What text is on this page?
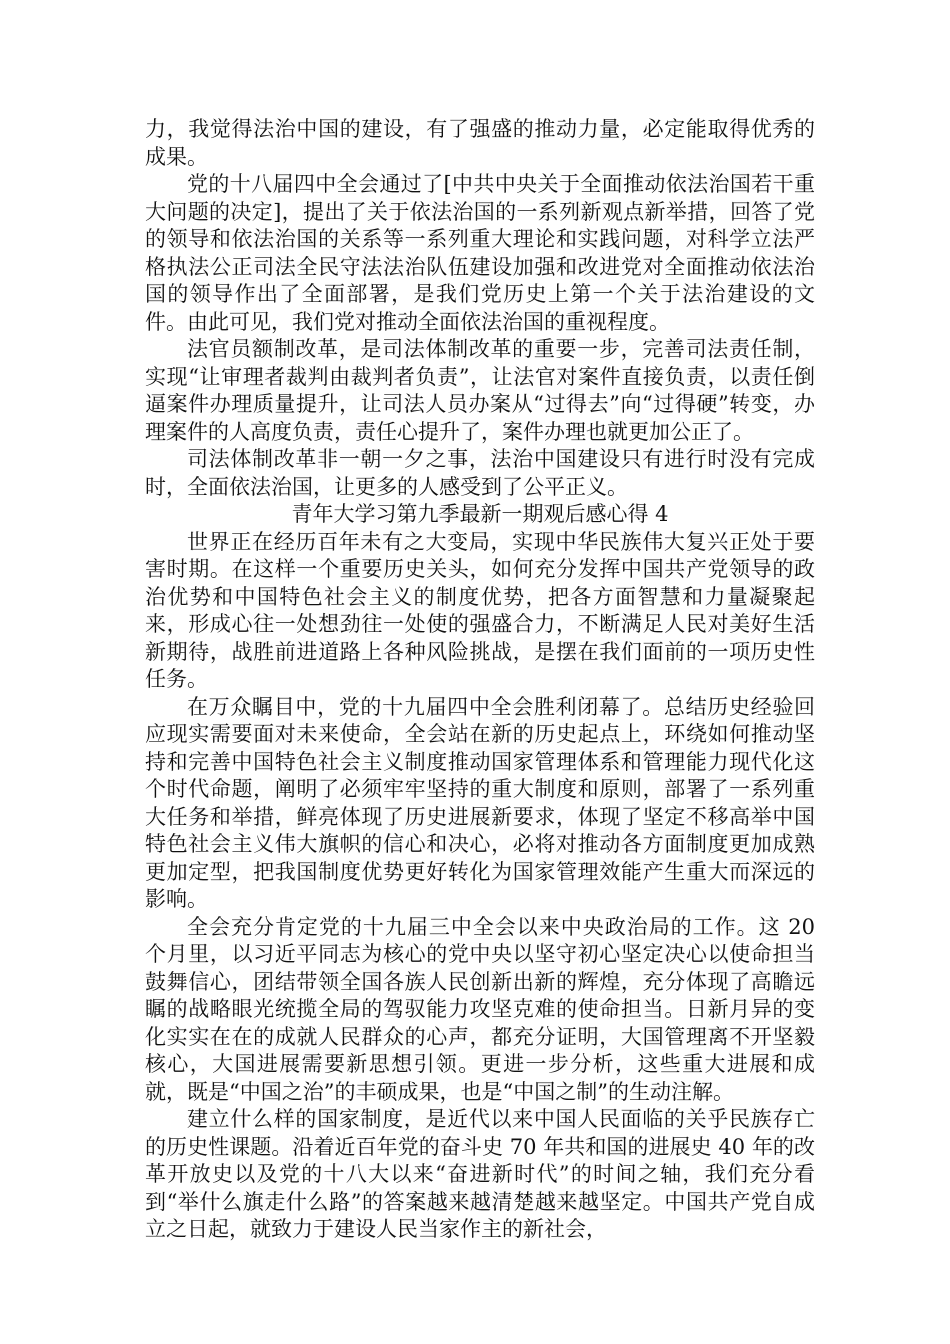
力，我觉得法治中国的建设，有了强盛的推动力量，必定能取得优秀的成果。

党的十八届四中全会通过了[中共中央关于全面推动依法治国若干重大问题的决定]，提出了关于依法治国的一系列新观点新举措，回答了党的领导和依法治国的关系等一系列重大理论和实践问题，对科学立法严格执法公正司法全民守法法治队伍建设加强和改进党对全面推动依法治国的领导作出了全面部署，是我们党历史上第一个关于法治建设的文件。由此可见，我们党对推动全面依法治国的重视程度。

法官员额制改革，是司法体制改革的重要一步，完善司法责任制，实现“让审理者裁判由裁判者负责”，让法官对案件直接负责，以责任倒逼案件办理质量提升，让司法人员办案从“过得去”向“过得硬”转变，办理案件的人高度负责，责任心提升了，案件办理也就更加公正了。

司法体制改革非一朝一夕之事，法治中国建设只有进行时没有完成时，全面依法治国，让更多的人感受到了公平正义。

青年大学习第九季最新一期观后感心得 4

世界正在经历百年未有之大变局，实现中华民族伟大复兴正处于要害时期。在这样一个重要历史关头，如何充分发挥中国共产党领导的政治优势和中国特色社会主义的制度优势，把各方面智慧和力量凝聚起来，形成心往一处想劲往一处使的强盛合力，不断满足人民对美好生活新期待，战胜前进道路上各种风险挑战，是摆在我们面前的一项历史性任务。

在万众瞩目中，党的十九届四中全会胜利闭幕了。总结历史经验回应现实需要面对未来使命，全会站在新的历史起点上，环绕如何推动坚持和完善中国特色社会主义制度推动国家管理体系和管理能力现代化这个时代命题，阐明了必须牢牢坚持的重大制度和原则，部署了一系列重大任务和举措，鲜亮体现了历史进展新要求，体现了坚定不移高举中国特色社会主义伟大旗帜的信心和决心，必将对推动各方面制度更加成熟更加定型，把我国制度优势更好转化为国家管理效能产生重大而深远的影响。

全会充分肯定党的十九届三中全会以来中央政治局的工作。这 20 个月里，以习近平同志为核心的党中央以坚守初心坚定决心以使命担当鼓舞信心，团结带领全国各族人民创新出新的辉煌，充分体现了高瞻远瞩的战略眼光统揽全局的驾驭能力攻坚克难的使命担当。日新月异的变化实实在在的成就人民群众的心声，都充分证明，大国管理离不开坚毅核心，大国进展需要新思想引领。更进一步分析，这些重大进展和成就，既是“中国之治”的丰硕成果，也是“中国之制”的生动注解。

建立什么样的国家制度，是近代以来中国人民面临的关乎民族存亡的历史性课题。沿着近百年党的奋斗史 70 年共和国的进展史 40 年的改革开放史以及党的十八大以来“奋进新时代”的时间之轴，我们充分看到“举什么旗走什么路”的答案越来越清楚越来越坚定。中国共产党自成立之日起，就致力于建设人民当家作主的新社会，
